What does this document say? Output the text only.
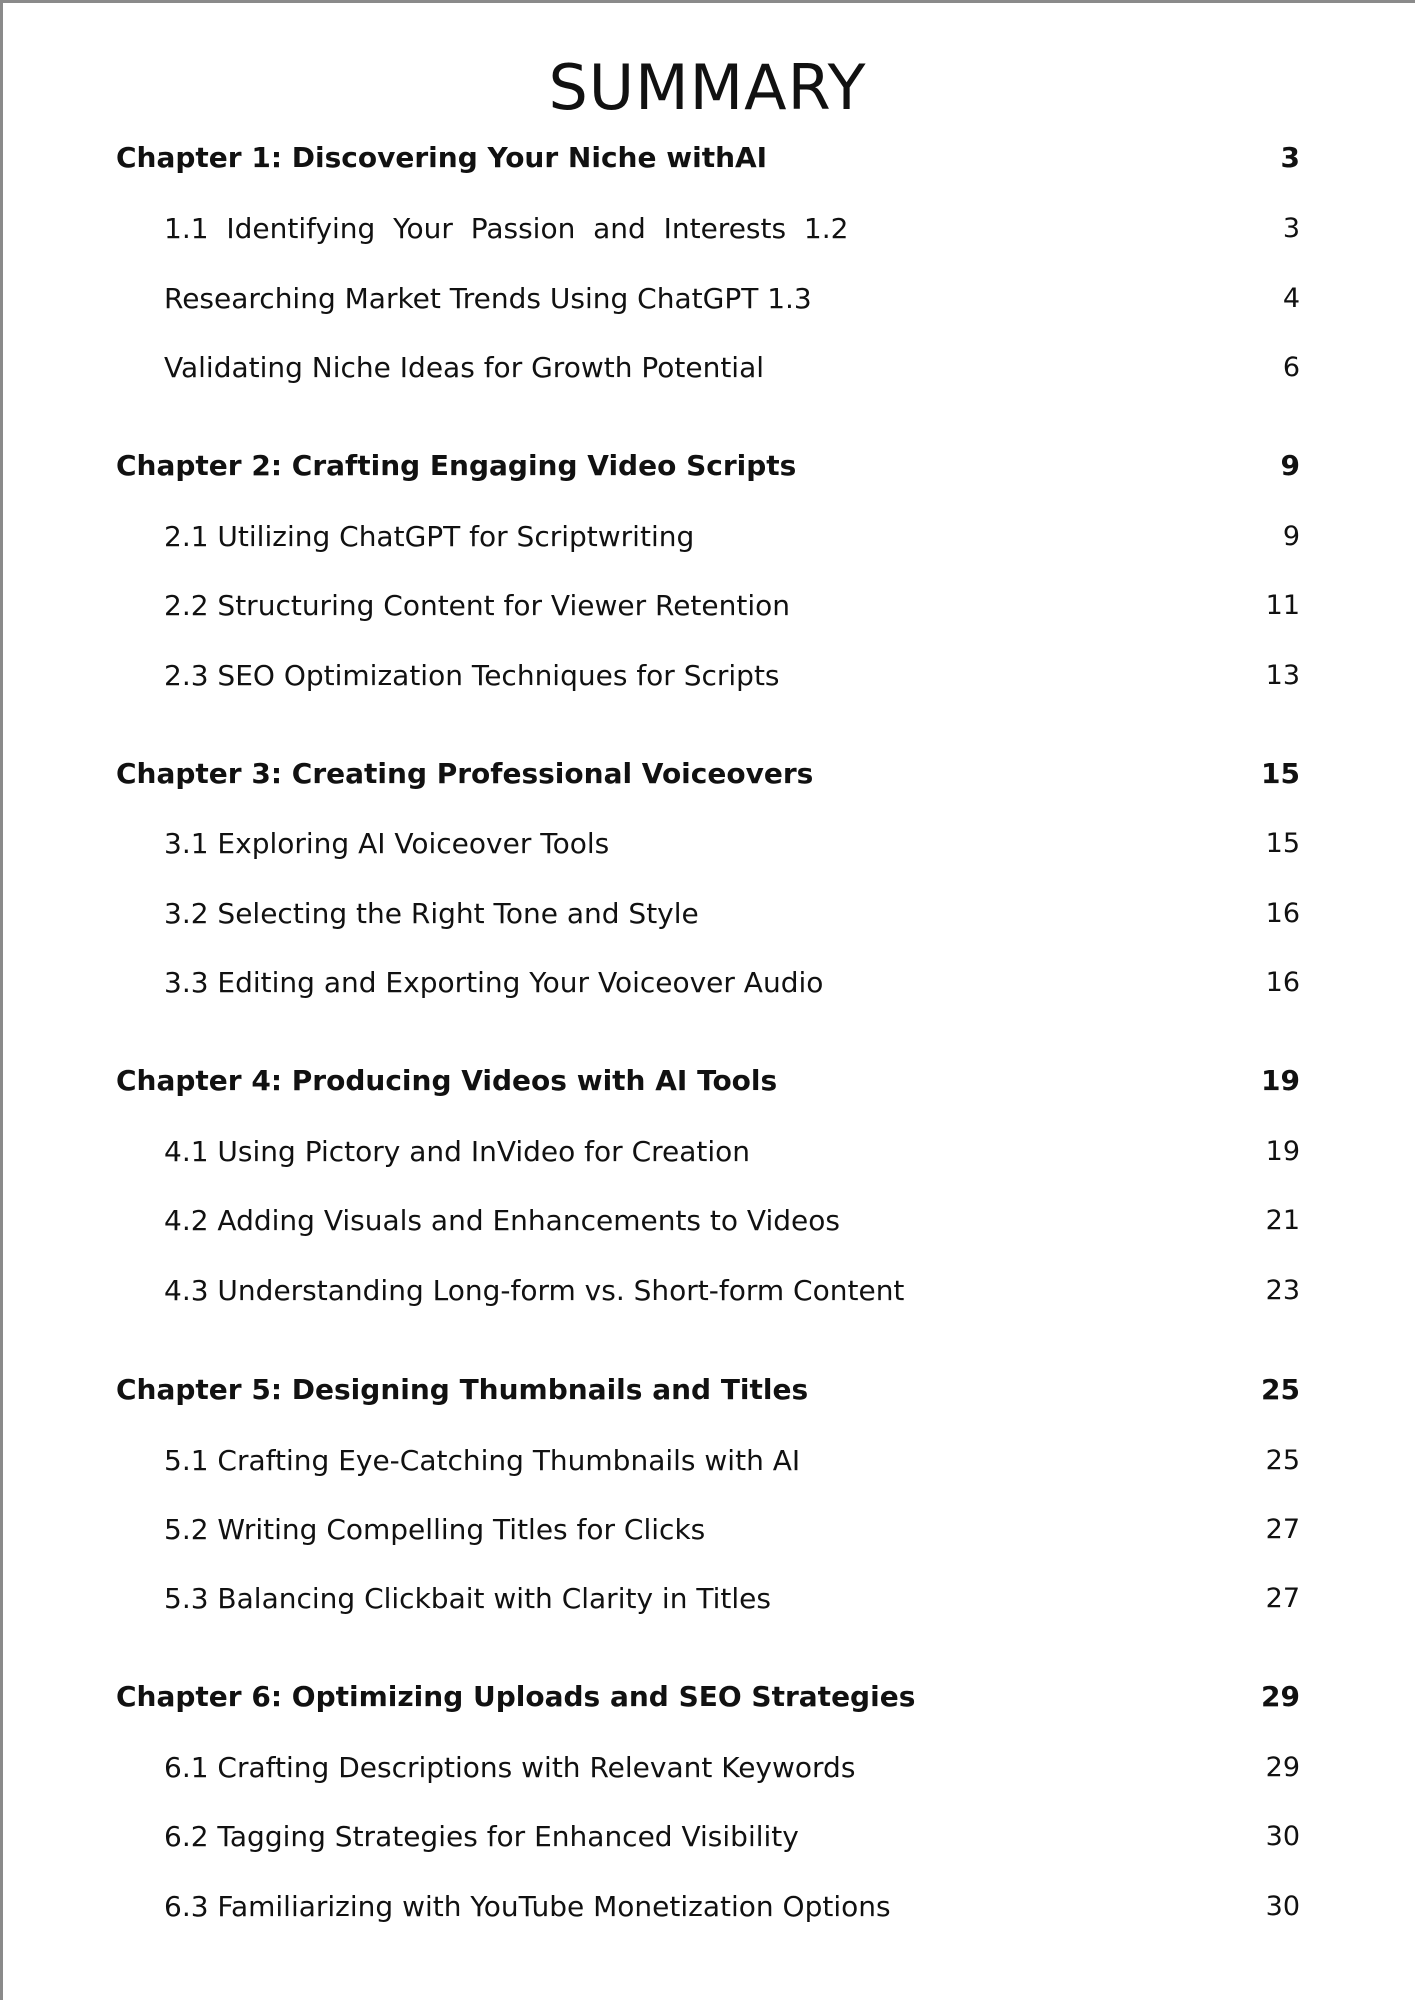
SUMMARY
Chapter 1: Discovering Your Niche withAI	3
1.1  Identifying  Your  Passion  and  Interests  1.2	3
Researching Market Trends Using ChatGPT 1.3	4
Validating Niche Ideas for Growth Potential	6
Chapter 2: Crafting Engaging Video Scripts	9
2.1 Utilizing ChatGPT for Scriptwriting	9
2.2 Structuring Content for Viewer Retention	11
2.3 SEO Optimization Techniques for Scripts	13
Chapter 3: Creating Professional Voiceovers	15
3.1 Exploring AI Voiceover Tools	15
3.2 Selecting the Right Tone and Style	16
3.3 Editing and Exporting Your Voiceover Audio	16
Chapter 4: Producing Videos with AI Tools	19
4.1 Using Pictory and InVideo for Creation	19
4.2 Adding Visuals and Enhancements to Videos	21
4.3 Understanding Long-form vs. Short-form Content	23
Chapter 5: Designing Thumbnails and Titles	25
5.1 Crafting Eye-Catching Thumbnails with AI	25
5.2 Writing Compelling Titles for Clicks	27
5.3 Balancing Clickbait with Clarity in Titles	27
Chapter 6: Optimizing Uploads and SEO Strategies	29
6.1 Crafting Descriptions with Relevant Keywords	29
6.2 Tagging Strategies for Enhanced Visibility	30
6.3 Familiarizing with YouTube Monetization Options	30
